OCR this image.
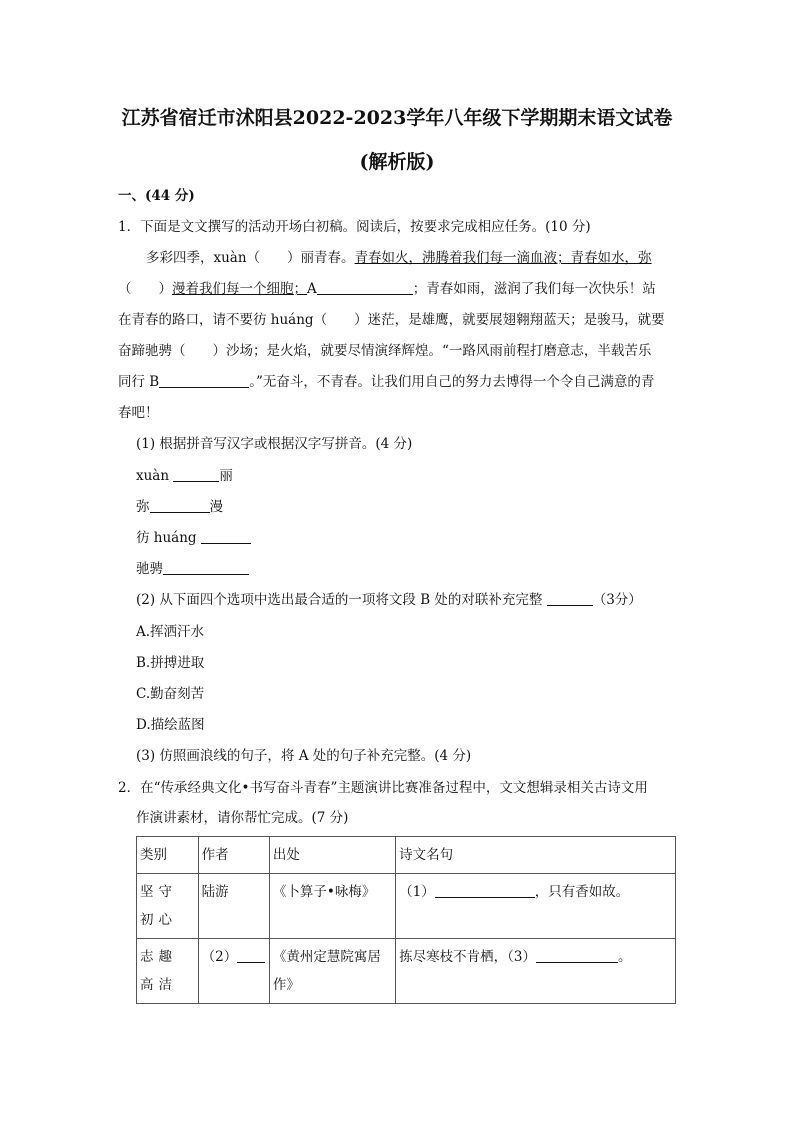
江苏省宿迁市沭阳县2022-2023学年八年级下学期期末语文试卷
(解析版)
一、(44 分)
1．下面是文文撰写的活动开场白初稿。阅读后，按要求完成相应任务。(10 分)
多彩四季，xuàn（　　）丽青春。青春如火，沸腾着我们每一滴血液；青春如水，弥
（　　）漫着我们每一个细胞；A	；青春如雨，滋润了我们每一次快乐！站
在青春的路口，请不要彷 huáng（　　）迷茫，是雄鹰，就要展翅翱翔蓝天；是骏马，就要
奋蹄驰骋（　　）沙场；是火焰，就要尽情演绎辉煌。“一路风雨前程打磨意志，半载苦乐
同行 B	。”无奋斗，不青春。让我们用自己的努力去博得一个令自己满意的青
春吧！
(1) 根据拼音写汉字或根据汉字写拼音。(4 分)
xuàn	丽
弥	漫
彷 huáng
驰骋
(2) 从下面四个选项中选出最合适的一项将文段 B 处的对联补充完整	（3分）
A.挥洒汗水
B.拼搏进取
C.勤奋刻苦
D.描绘蓝图
(3) 仿照画浪线的句子，将 A 处的句子补充完整。(4 分)
2．在“传承经典文化•书写奋斗青春”主题演讲比赛准备过程中，文文想辑录相关古诗文用
作演讲素材，请你帮忙完成。(7 分)
类别	作者	出处	诗文名句
坚守初心	陆游	《卜算子•咏梅》	（1） ，只有香如故。
志趣高洁	（2）	《黄州定慧院寓居作》	拣尽寒枝不肯栖，（3） 。
